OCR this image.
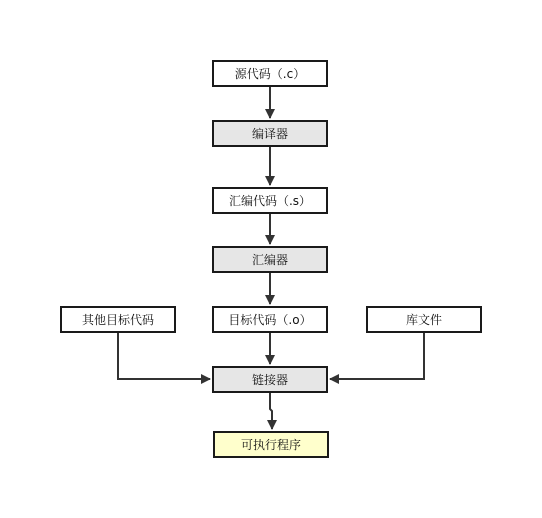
源代码（.c）
编译器
汇编代码（.s）
汇编器
其他目标代码	目标代码（.o）	库文件
链接器
可执行程序
